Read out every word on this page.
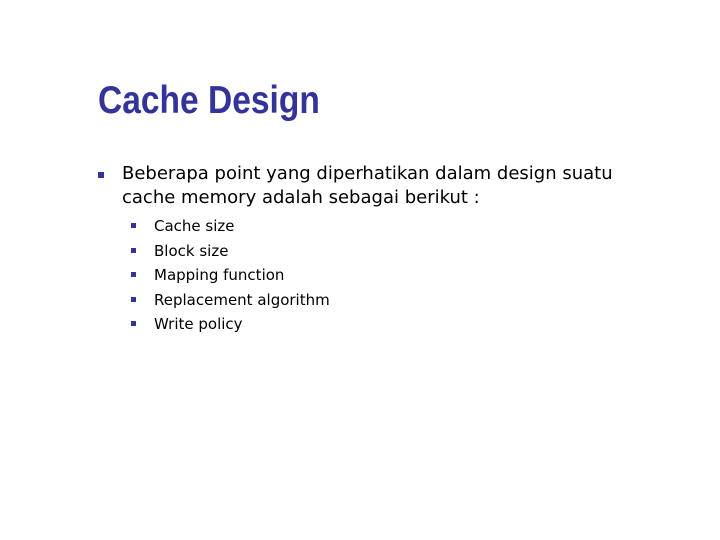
Cache Design
Beberapa point yang diperhatikan dalam design suatu cache memory adalah sebagai berikut :
Cache size
Block size
Mapping function
Replacement algorithm
Write policy
